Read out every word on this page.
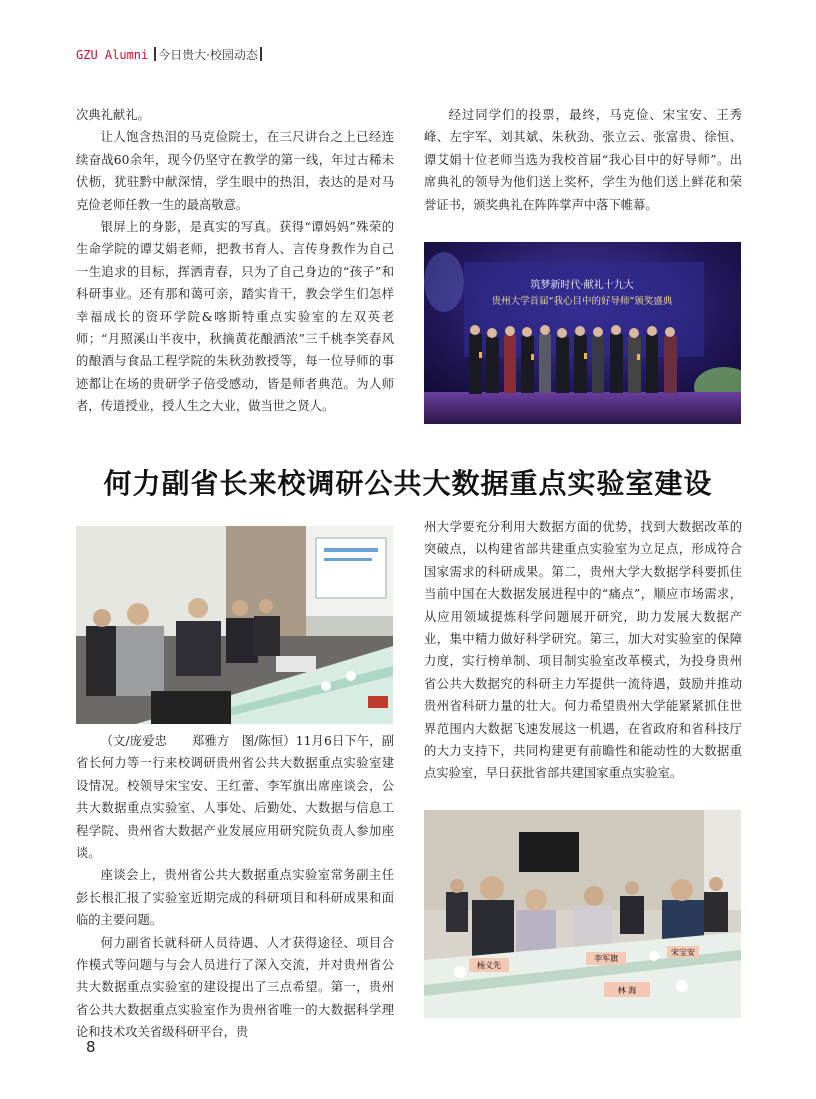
GZU Alumni 今日贵大·校园动态

次典礼献礼。

让人饱含热泪的马克俭院士，在三尺讲台之上已经连续奋战60余年，现今仍坚守在教学的第一线，年过古稀未伏枥，犹驻黔中献深情，学生眼中的热泪，表达的是对马克俭老师任教一生的最高敬意。

银屏上的身影，是真实的写真。获得“谭妈妈”殊荣的生命学院的谭艾娟老师，把教书育人、言传身教作为自己一生追求的目标，挥洒青春，只为了自己身边的“孩子”和科研事业。还有那和蔼可亲，踏实肯干，教会学生们怎样幸福成长的资环学院&喀斯特重点实验室的左双英老师；“月照溪山半夜中，秋摘黄花酿酒浓”三千桃李笑春风的酿酒与食品工程学院的朱秋劲教授等，每一位导师的事迹都让在场的贵研学子倍受感动，皆是师者典范。为人师者，传道授业，授人生之大业，做当世之贤人。

经过同学们的投票，最终，马克俭、宋宝安、王秀峰、左宇军、刘其斌、朱秋劲、张立云、张富贵、徐恒、谭艾娟十位老师当选为我校首届“我心目中的好导师”。出席典礼的领导为他们送上奖杯，学生为他们送上鲜花和荣誉证书，颁奖典礼在阵阵掌声中落下帷幕。

筑梦新时代·献礼十九大
贵州大学首届“我心目中的好导师”颁奖盛典
何力副省长来校调研公共大数据重点实验室建设

（文/庞爱忠　　郑雅方　图/陈恒）11月6日下午，副省长何力等一行来校调研贵州省公共大数据重点实验室建设情况。校领导宋宝安、王红蕾、李军旗出席座谈会，公共大数据重点实验室、人事处、后勤处、大数据与信息工程学院、贵州省大数据产业发展应用研究院负责人参加座谈。

座谈会上，贵州省公共大数据重点实验室常务副主任彭长根汇报了实验室近期完成的科研项目和科研成果和面临的主要问题。

何力副省长就科研人员待遇、人才获得途径、项目合作模式等问题与与会人员进行了深入交流，并对贵州省公共大数据重点实验室的建设提出了三点希望。第一，贵州省公共大数据重点实验室作为贵州省唯一的大数据科学理论和技术攻关省级科研平台，贵

州大学要充分利用大数据方面的优势，找到大数据改革的突破点，以构建省部共建重点实验室为立足点，形成符合国家需求的科研成果。第二，贵州大学大数据学科要抓住当前中国在大数据发展进程中的“痛点”，顺应市场需求，从应用领域提炼科学问题展开研究，助力发展大数据产业，集中精力做好科学研究。第三，加大对实验室的保障力度，实行榜单制、项目制实验室改革模式，为投身贵州省公共大数据究的科研主力军提供一流待遇，鼓励并推动贵州省科研力量的壮大。何力希望贵州大学能紧紧抓住世界范围内大数据飞速发展这一机遇，在省政府和省科技厅的大力支持下，共同构建更有前瞻性和能动性的大数据重点实验室，早日获批省部共建国家重点实验室。

杨义先
李军旗
宋宝安
林 海
8
